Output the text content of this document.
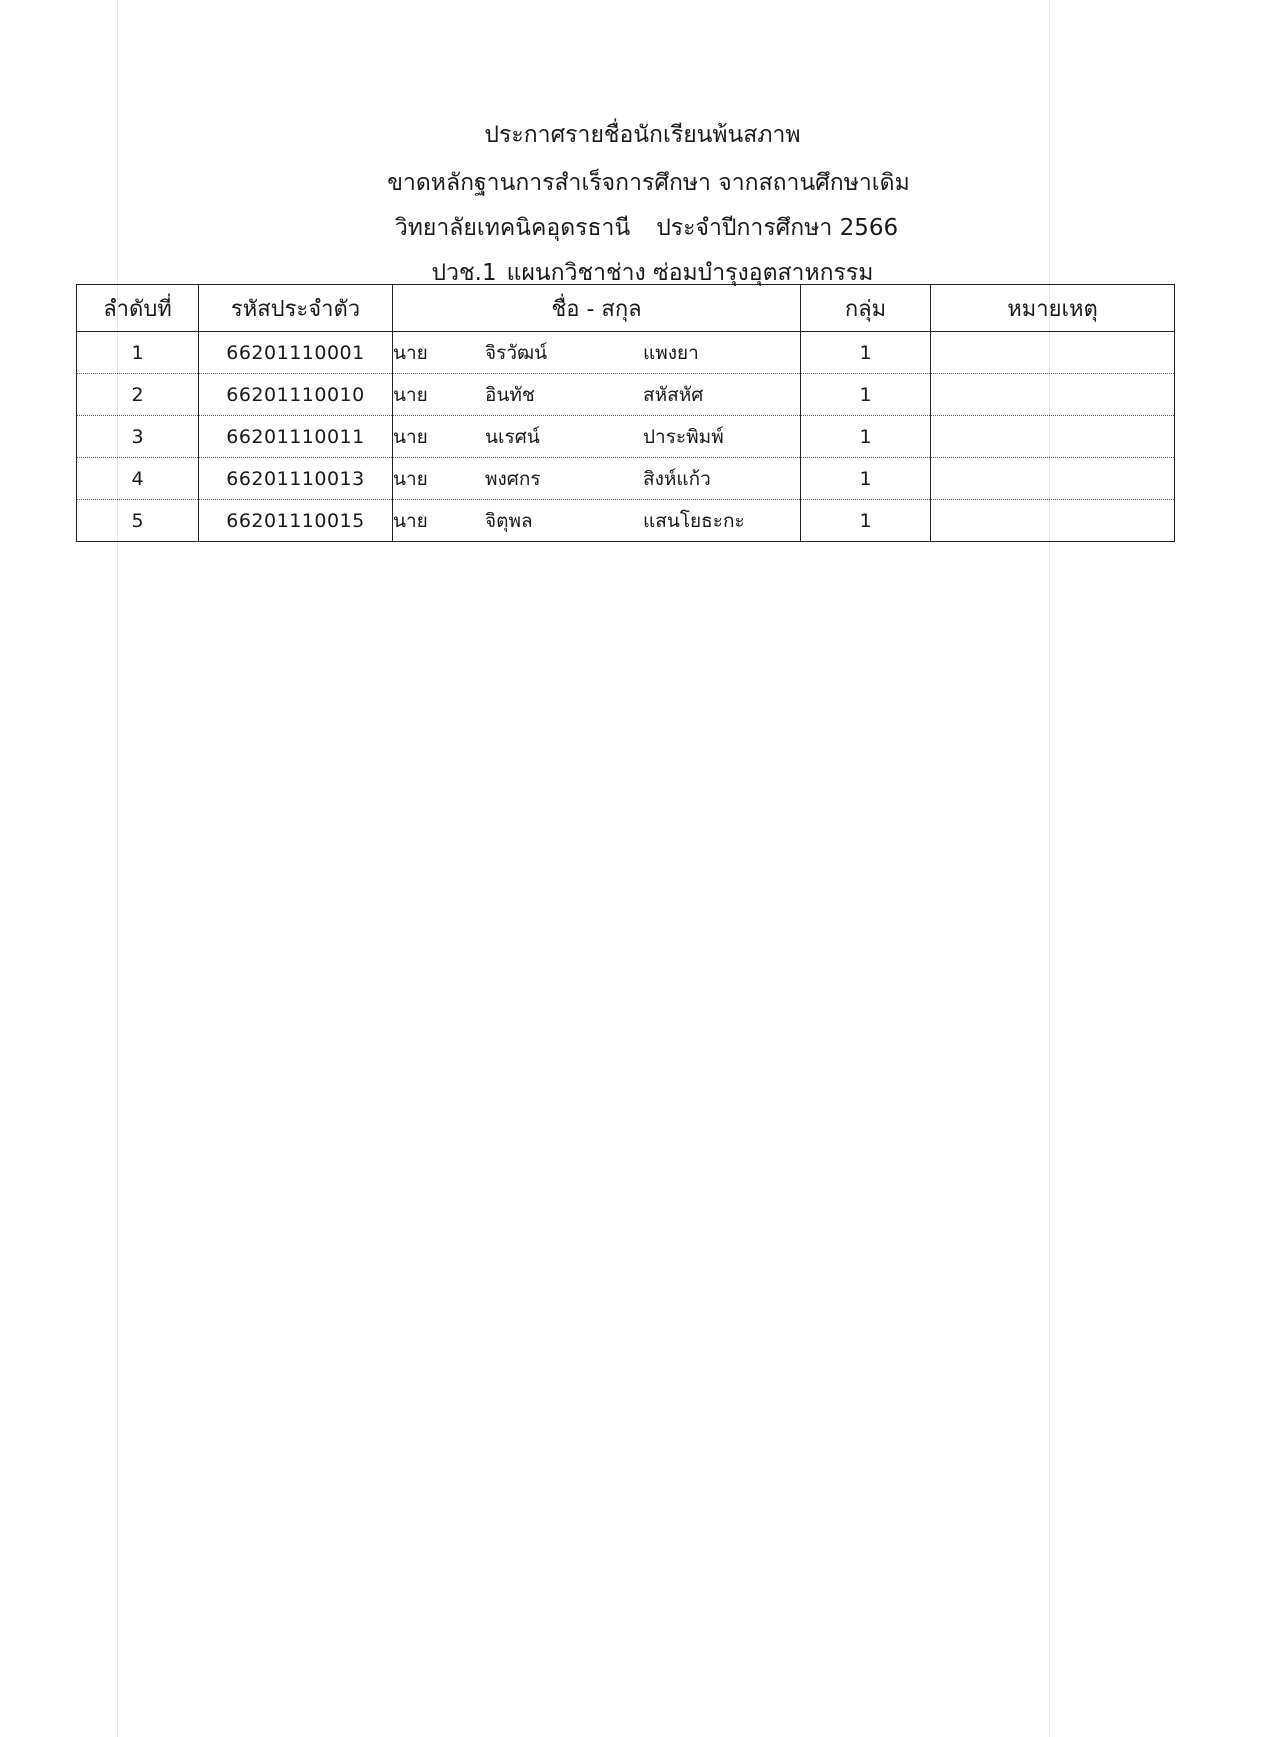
ประกาศรายชื่อนักเรียนพ้นสภาพ
ขาดหลักฐานการสำเร็จการศึกษา จากสถานศึกษาเดิม
วิทยาลัยเทคนิคอุดรธานี ประจำปีการศึกษา 2566
ปวช.1 แผนกวิชาช่าง ซ่อมบำรุงอุตสาหกรรม
ลำดับที่	รหัสประจำตัว	ชื่อ - สกุล	กลุ่ม	หมายเหตุ
1	66201110001	นาย จิรวัฒน์ แพงยา	1	
2	66201110010	นาย อินทัช สหัสหัศ	1	
3	66201110011	นาย นเรศน์ ปาระพิมพ์	1	
4	66201110013	นาย พงศกร สิงห์แก้ว	1	
5	66201110015	นาย จิตุพล แสนโยธะกะ	1	
